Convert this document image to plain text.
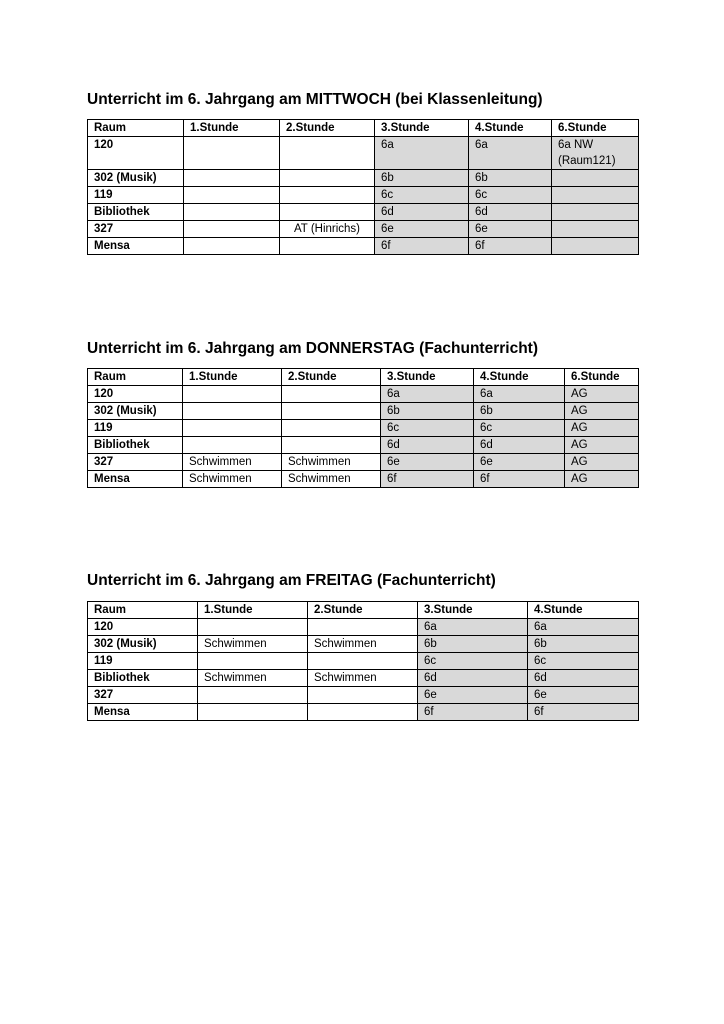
Unterricht im 6. Jahrgang am MITTWOCH (bei Klassenleitung)
Raum	1.Stunde	2.Stunde	3.Stunde	4.Stunde	6.Stunde
120			6a	6a	6a NW (Raum121)
302 (Musik)			6b	6b	
119			6c	6c	
Bibliothek			6d	6d	
327		AT (Hinrichs)	6e	6e	
Mensa			6f	6f	
Unterricht im 6. Jahrgang am DONNERSTAG (Fachunterricht)
Raum	1.Stunde	2.Stunde	3.Stunde	4.Stunde	6.Stunde
120			6a	6a	AG
302 (Musik)			6b	6b	AG
119			6c	6c	AG
Bibliothek			6d	6d	AG
327	Schwimmen	Schwimmen	6e	6e	AG
Mensa	Schwimmen	Schwimmen	6f	6f	AG
Unterricht im 6. Jahrgang am FREITAG (Fachunterricht)
Raum	1.Stunde	2.Stunde	3.Stunde	4.Stunde
120			6a	6a
302 (Musik)	Schwimmen	Schwimmen	6b	6b
119			6c	6c
Bibliothek	Schwimmen	Schwimmen	6d	6d
327			6e	6e
Mensa			6f	6f
